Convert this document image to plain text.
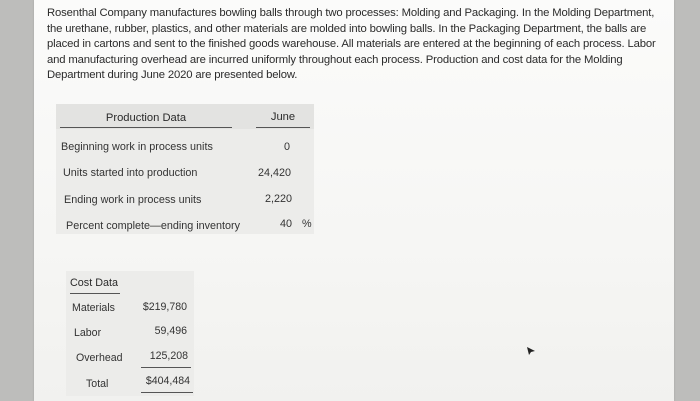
Rosenthal Company manufactures bowling balls through two processes: Molding and Packaging. In the Molding Department, the urethane, rubber, plastics, and other materials are molded into bowling balls. In the Packaging Department, the balls are placed in cartons and sent to the finished goods warehouse. All materials are entered at the beginning of each process. Labor and manufacturing overhead are incurred uniformly throughout each process. Production and cost data for the Molding Department during June 2020 are presented below.
Production Data	June
Beginning work in process units	0
Units started into production	24,420
Ending work in process units	2,220
Percent complete—ending inventory	40 %
Cost Data
Materials	$219,780
Labor	59,496
Overhead	125,208
Total	$404,484
